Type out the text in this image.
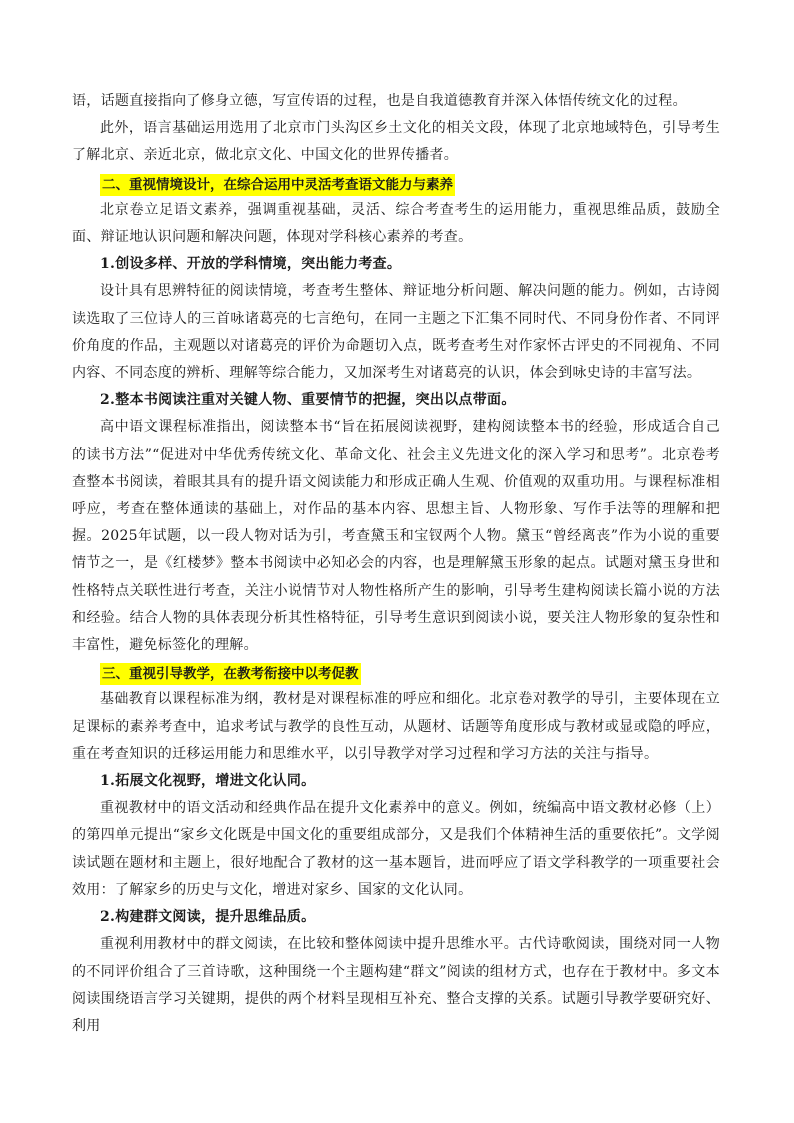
语，话题直接指向了修身立德，写宣传语的过程，也是自我道德教育并深入体悟传统文化的过程。

此外，语言基础运用选用了北京市门头沟区乡土文化的相关文段，体现了北京地域特色，引导考生了解北京、亲近北京，做北京文化、中国文化的世界传播者。

二、重视情境设计，在综合运用中灵活考查语文能力与素养

北京卷立足语文素养，强调重视基础，灵活、综合考查考生的运用能力，重视思维品质，鼓励全面、辩证地认识问题和解决问题，体现对学科核心素养的考查。

1.创设多样、开放的学科情境，突出能力考查。

设计具有思辨特征的阅读情境，考查考生整体、辩证地分析问题、解决问题的能力。例如，古诗阅读选取了三位诗人的三首咏诸葛亮的七言绝句，在同一主题之下汇集不同时代、不同身份作者、不同评价角度的作品，主观题以对诸葛亮的评价为命题切入点，既考查考生对作家怀古评史的不同视角、不同内容、不同态度的辨析、理解等综合能力，又加深考生对诸葛亮的认识，体会到咏史诗的丰富写法。

2.整本书阅读注重对关键人物、重要情节的把握，突出以点带面。

高中语文课程标准指出，阅读整本书“旨在拓展阅读视野，建构阅读整本书的经验，形成适合自己的读书方法”“促进对中华优秀传统文化、革命文化、社会主义先进文化的深入学习和思考”。北京卷考查整本书阅读，着眼其具有的提升语文阅读能力和形成正确人生观、价值观的双重功用。与课程标准相呼应，考查在整体通读的基础上，对作品的基本内容、思想主旨、人物形象、写作手法等的理解和把握。2025年试题，以一段人物对话为引，考查黛玉和宝钗两个人物。黛玉“曾经离丧”作为小说的重要情节之一，是《红楼梦》整本书阅读中必知必会的内容，也是理解黛玉形象的起点。试题对黛玉身世和性格特点关联性进行考查，关注小说情节对人物性格所产生的影响，引导考生建构阅读长篇小说的方法和经验。结合人物的具体表现分析其性格特征，引导考生意识到阅读小说，要关注人物形象的复杂性和丰富性，避免标签化的理解。

三、重视引导教学，在教考衔接中以考促教

基础教育以课程标准为纲，教材是对课程标准的呼应和细化。北京卷对教学的导引，主要体现在立足课标的素养考查中，追求考试与教学的良性互动，从题材、话题等角度形成与教材或显或隐的呼应，重在考查知识的迁移运用能力和思维水平，以引导教学对学习过程和学习方法的关注与指导。

1.拓展文化视野，增进文化认同。

重视教材中的语文活动和经典作品在提升文化素养中的意义。例如，统编高中语文教材必修（上）的第四单元提出“家乡文化既是中国文化的重要组成部分，又是我们个体精神生活的重要依托”。文学阅读试题在题材和主题上，很好地配合了教材的这一基本题旨，进而呼应了语文学科教学的一项重要社会效用：了解家乡的历史与文化，增进对家乡、国家的文化认同。

2.构建群文阅读，提升思维品质。

重视利用教材中的群文阅读，在比较和整体阅读中提升思维水平。古代诗歌阅读，围绕对同一人物的不同评价组合了三首诗歌，这种围绕一个主题构建“群文”阅读的组材方式，也存在于教材中。多文本阅读围绕语言学习关键期，提供的两个材料呈现相互补充、整合支撑的关系。试题引导教学要研究好、利用
